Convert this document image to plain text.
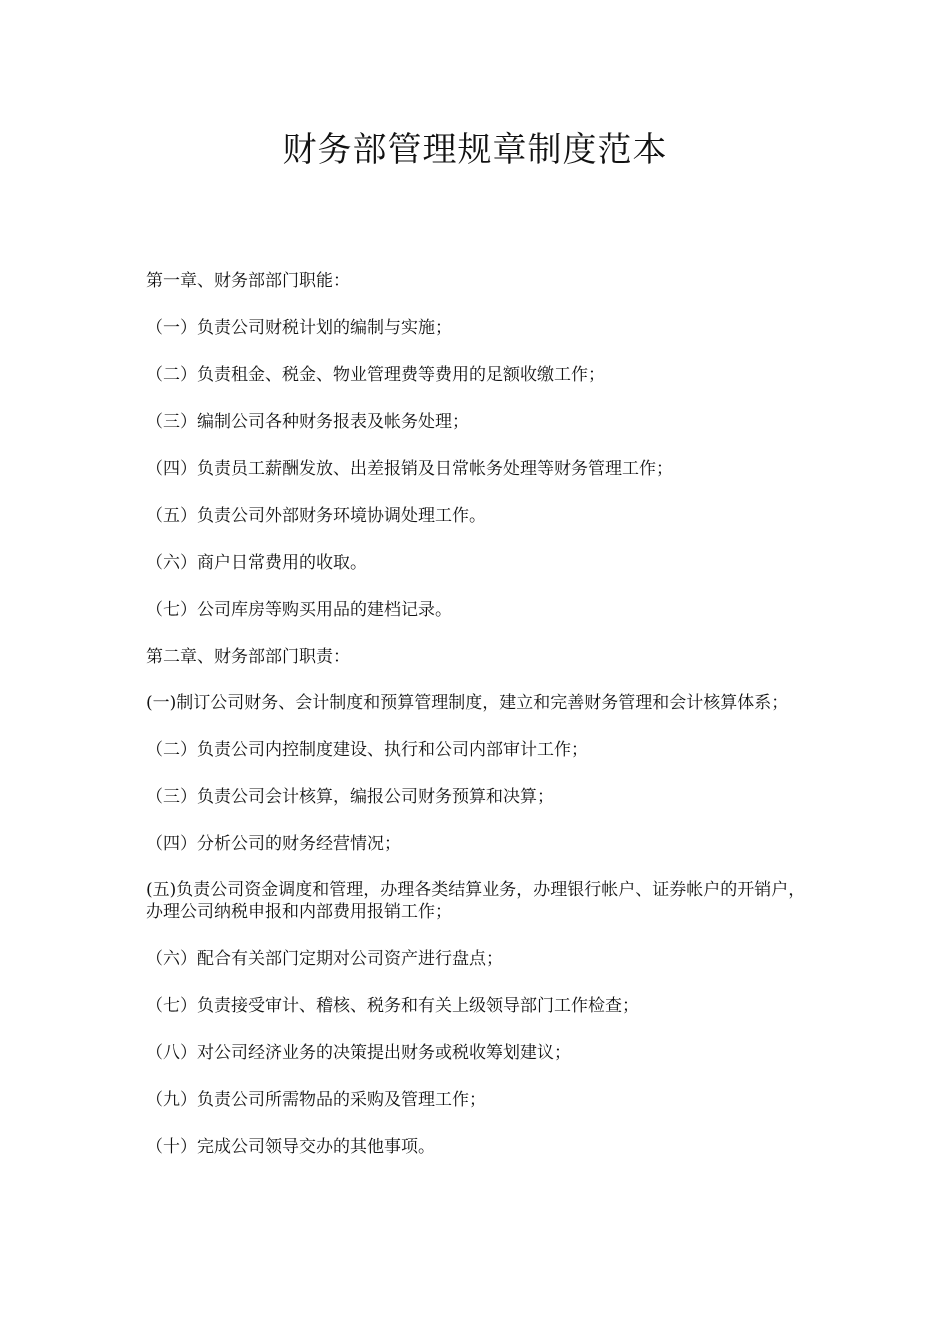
财务部管理规章制度范本

第一章、财务部部门职能：

（一）负责公司财税计划的编制与实施；

（二）负责租金、税金、物业管理费等费用的足额收缴工作；

（三）编制公司各种财务报表及帐务处理；

（四）负责员工薪酬发放、出差报销及日常帐务处理等财务管理工作；

（五）负责公司外部财务环境协调处理工作。

（六）商户日常费用的收取。

（七）公司库房等购买用品的建档记录。

第二章、财务部部门职责：

(一)制订公司财务、会计制度和预算管理制度，建立和完善财务管理和会计核算体系；

（二）负责公司内控制度建设、执行和公司内部审计工作；

（三）负责公司会计核算，编报公司财务预算和决算；

（四）分析公司的财务经营情况；

(五)负责公司资金调度和管理，办理各类结算业务，办理银行帐户、证券帐户的开销户，办理公司纳税申报和内部费用报销工作；

（六）配合有关部门定期对公司资产进行盘点；

（七）负责接受审计、稽核、税务和有关上级领导部门工作检查；

（八）对公司经济业务的决策提出财务或税收筹划建议；

（九）负责公司所需物品的采购及管理工作；

（十）完成公司领导交办的其他事项。
